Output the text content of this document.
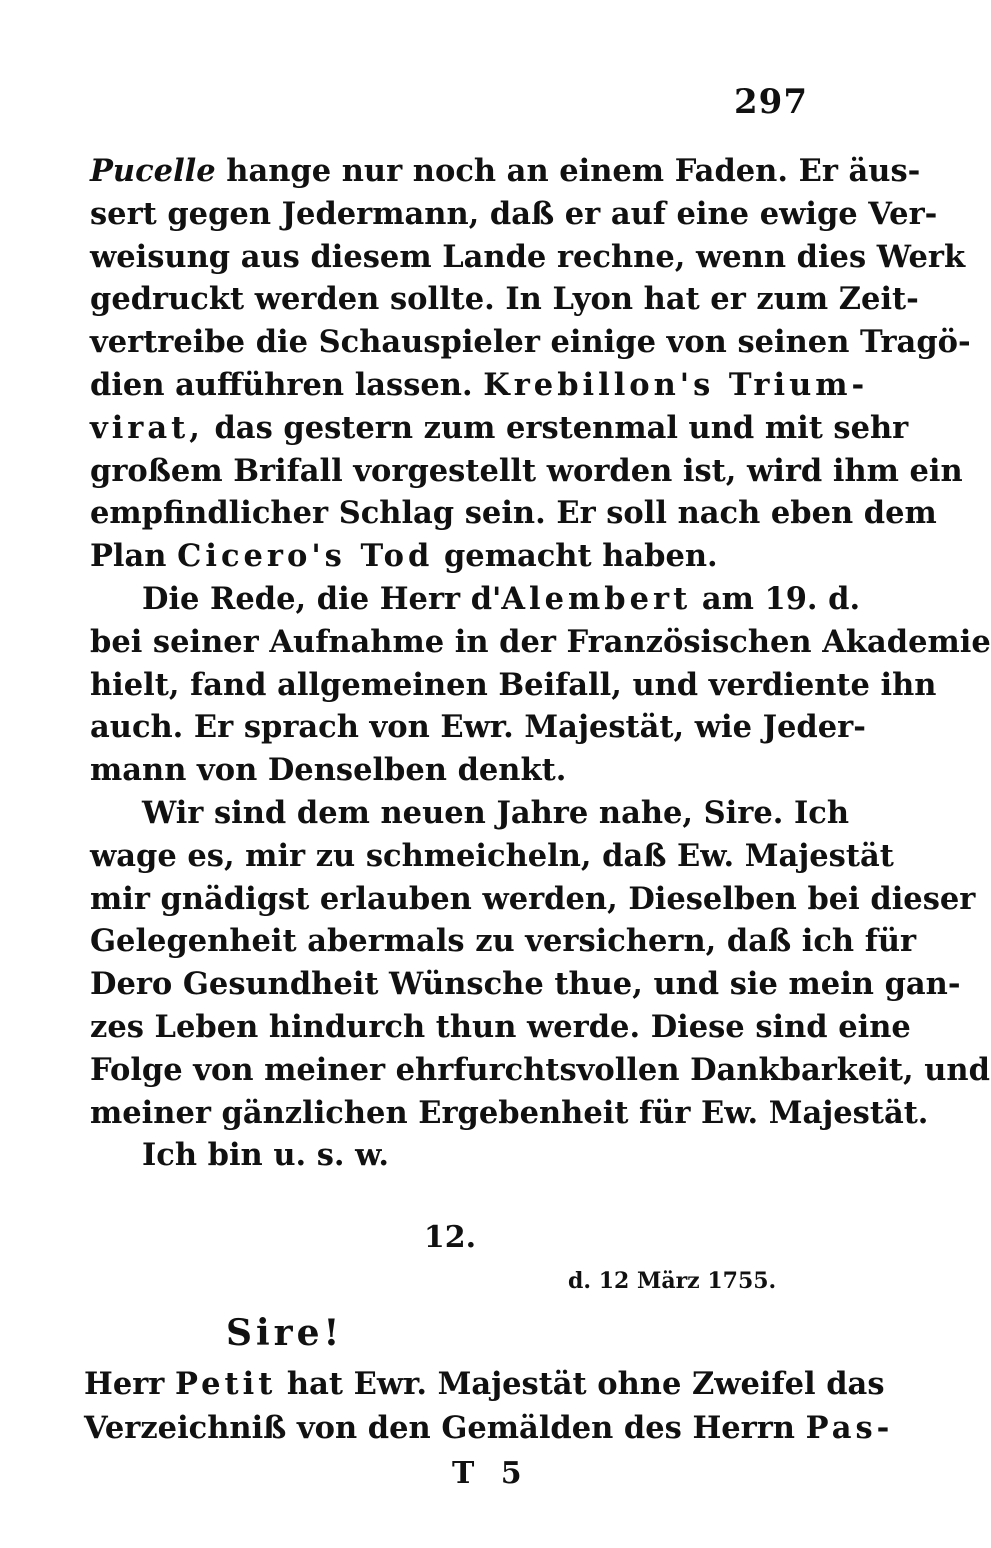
297
Pucelle hange nur noch an einem Faden. Er äus-
sert gegen Jedermann, daß er auf eine ewige Ver-
weisung aus diesem Lande rechne, wenn dies Werk
gedruckt werden sollte. In Lyon hat er zum Zeit-
vertreibe die Schauspieler einige von seinen Tragö-
dien aufführen lassen. Krebillon's Trium-
virat, das gestern zum erstenmal und mit sehr
großem Brifall vorgestellt worden ist, wird ihm ein
empfindlicher Schlag sein. Er soll nach eben dem
Plan Cicero's Tod gemacht haben.
Die Rede, die Herr d'Alembert am 19. d.
bei seiner Aufnahme in der Französischen Akademie
hielt, fand allgemeinen Beifall, und verdiente ihn
auch. Er sprach von Ewr. Majestät, wie Jeder-
mann von Denselben denkt.
Wir sind dem neuen Jahre nahe, Sire. Ich
wage es, mir zu schmeicheln, daß Ew. Majestät
mir gnädigst erlauben werden, Dieselben bei dieser
Gelegenheit abermals zu versichern, daß ich für
Dero Gesundheit Wünsche thue, und sie mein gan-
zes Leben hindurch thun werde. Diese sind eine
Folge von meiner ehrfurchtsvollen Dankbarkeit, und
meiner gänzlichen Ergebenheit für Ew. Majestät.
Ich bin u. s. w.
12.
d. 12 März 1755.
Sire!
Herr Petit hat Ewr. Majestät ohne Zweifel das
Verzeichniß von den Gemälden des Herrn Pas-
T 5
